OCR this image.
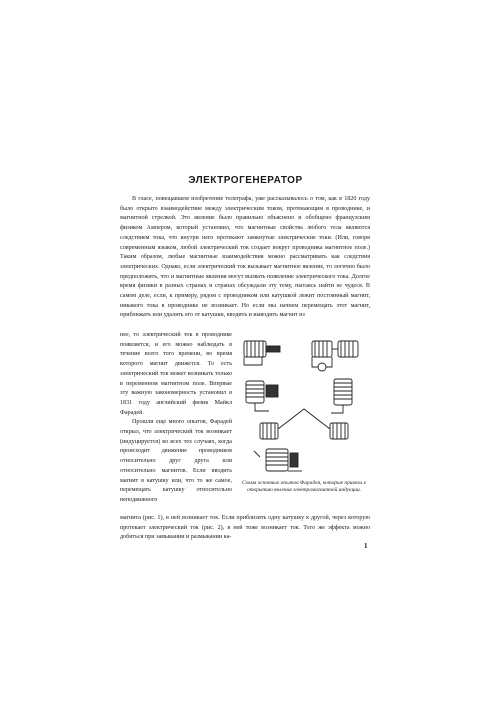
ЭЛЕКТРОГЕНЕРАТОР

В гласе, повещавшем изобретение телеграфа, уже рассказывалось о том, как в 1820 году было открыто взаимодействие между электрическим током, протекающим в проводнике, и магнитной стрелкой. Это явление было правильно объяснено и обобщено французским физиком Ампером, который установил, что магнитные свойства любого тела являются следствием тока, что внутри него протекают замкнутые электрические токи. (Или, говоря современным языком, любой электрический ток создает вокруг проводника магнитное поле.) Таким образом, любые магнитные взаимодействия можно рассматривать как следствия электрических. Однако, если электрический ток вызывает магнитное явление, то логично было предположить, что и магнитные явления могут вызвать появление электрического тока. Долгое время физики в разных странах и странах обсуждали эту тему, пытаясь найти ее чудеся. В самом деле, если, к примеру, рядом с проводником или катушкой лежит постоянный магнит, никакого тока в проводнике не возникает. Но если мы начнем перемещать этот магнит, приближать или удалять его от катушки, вводить и выводить магнит из

нее, то электрический ток в проводнике появляется, и его можно наблюдать в течение всего того времени, во время которого магнит движется. То есть электрический ток может возникать только в переменном магнитном поле. Впервые эту важную закономерность установил в 1831 году английский физик Майкл Фарадей.

Прошли еще много опытов, Фарадей открыл, что электрический ток возникает (индуцируется) во всех тех случаях, когда происходит движение проводников относительно друг друга или относительно магнитов. Если вводить магнит в катушку или, что то же самое, перемещать катушку относительно неподвижного

Схема основных опытов Фарадея, которые привели к открытию явления электромагнитной индукции.

магнита (рис. 1), в ней возникает ток. Если приблизить одну катушку к другой, через которую протекает электрический ток (рис. 2), в ней тоже возникает ток. Того же эффекта можно добиться при замыкании и размыкании ка-

1
